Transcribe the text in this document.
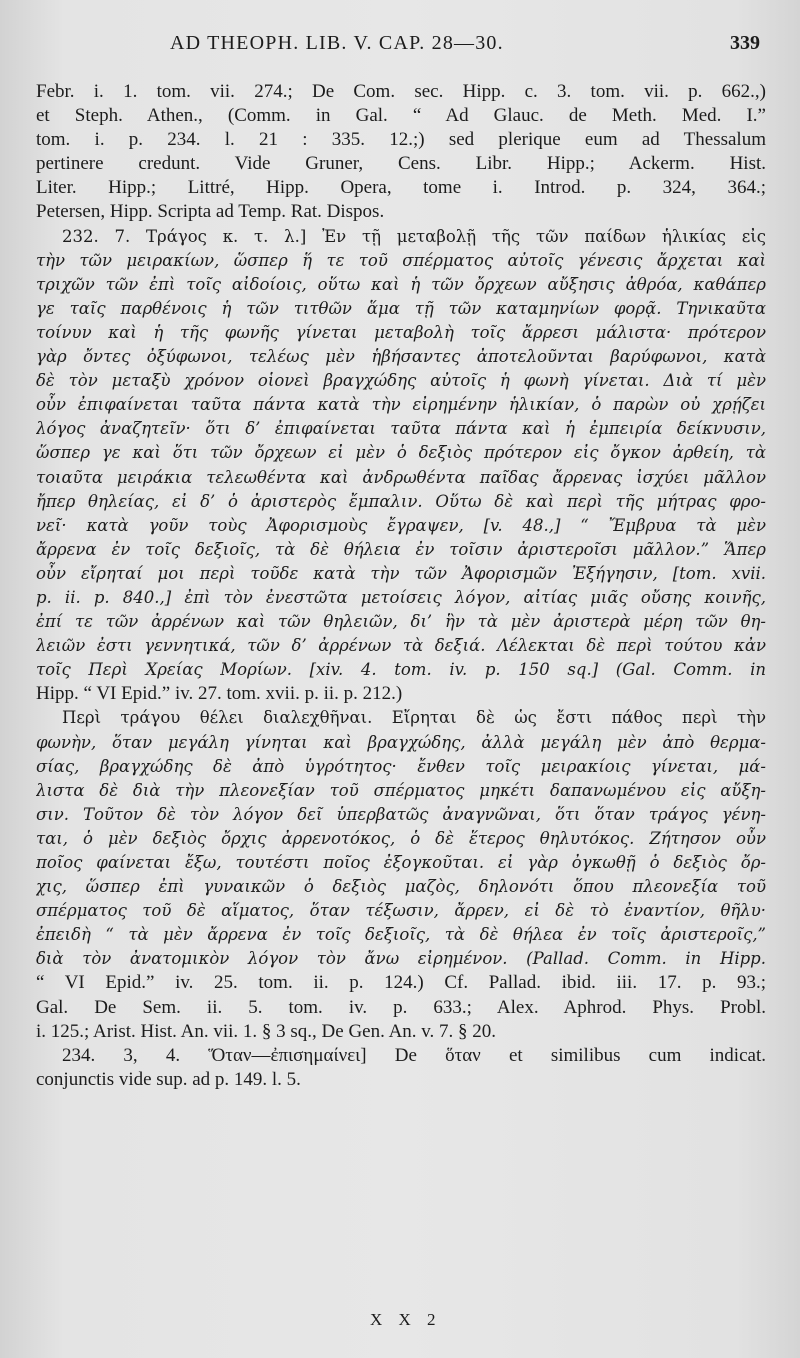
AD THEOPH. LIB. V. CAP. 28—30.	339
Febr. i. 1. tom. vii. 274.; De Com. sec. Hipp. c. 3. tom. vii. p. 662.,)
et Steph. Athen., (Comm. in Gal. “ Ad Glauc. de Meth. Med. I.”
tom. i. p. 234. l. 21 : 335. 12.;) sed plerique eum ad Thessalum
pertinere credunt. Vide Gruner, Cens. Libr. Hipp.; Ackerm. Hist.
Liter. Hipp.; Littré, Hipp. Opera, tome i. Introd. p. 324, 364.;
Petersen, Hipp. Scripta ad Temp. Rat. Dispos.
232. 7. Τράγος κ. τ. λ.] Ἐν τῇ μεταβολῇ τῆς τῶν παίδων ἡλικίας εἰς
τὴν τῶν μειρακίων, ὥσπερ ἥ τε τοῦ σπέρματος αὐτοῖς γένεσις ἄρχεται καὶ
τριχῶν τῶν ἐπὶ τοῖς αἰδοίοις, οὕτω καὶ ἡ τῶν ὄρχεων αὔξησις ἀθρόα, καθάπερ
γε ταῖς παρθένοις ἡ τῶν τιτθῶν ἅμα τῇ τῶν καταμηνίων φορᾷ. Τηνικαῦτα
τοίνυν καὶ ἡ τῆς φωνῆς γίνεται μεταβολὴ τοῖς ἄρρεσι μάλιστα· πρότερον
γὰρ ὄντες ὀξύφωνοι, τελέως μὲν ἡβήσαντες ἀποτελοῦνται βαρύφωνοι, κατὰ
δὲ τὸν μεταξὺ χρόνον οἱονεὶ βραγχώδης αὐτοῖς ἡ φωνὴ γίνεται. Διὰ τί μὲν
οὖν ἐπιφαίνεται ταῦτα πάντα κατὰ τὴν εἰρημένην ἡλικίαν, ὁ παρὼν οὐ χρῄζει
λόγος ἀναζητεῖν· ὅτι δ’ ἐπιφαίνεται ταῦτα πάντα καὶ ἡ ἐμπειρία δείκνυσιν,
ὥσπερ γε καὶ ὅτι τῶν ὄρχεων εἰ μὲν ὁ δεξιὸς πρότερον εἰς ὄγκον ἀρθείη, τὰ
τοιαῦτα μειράκια τελεωθέντα καὶ ἀνδρωθέντα παῖδας ἄρρενας ἰσχύει μᾶλλον
ἤπερ θηλείας, εἰ δ’ ὁ ἀριστερὸς ἔμπαλιν. Οὕτω δὲ καὶ περὶ τῆς μήτρας φρο-
νεῖ· κατὰ γοῦν τοὺς Ἀφορισμοὺς ἔγραψεν, [v. 48.,] “ Ἔμβρυα τὰ μὲν
ἄρρενα ἐν τοῖς δεξιοῖς, τὰ δὲ θήλεια ἐν τοῖσιν ἀριστεροῖσι μᾶλλον.” Ἅπερ
οὖν εἴρηταί μοι περὶ τοῦδε κατὰ τὴν τῶν Ἀφορισμῶν Ἐξήγησιν, [tom. xvii.
p. ii. p. 840.,] ἐπὶ τὸν ἐνεστῶτα μετοίσεις λόγον, αἰτίας μιᾶς οὔσης κοινῆς,
ἐπί τε τῶν ἀρρένων καὶ τῶν θηλειῶν, δι’ ἣν τὰ μὲν ἀριστερὰ μέρη τῶν θη-
λειῶν ἐστι γεννητικά, τῶν δ’ ἀρρένων τὰ δεξιά. Λέλεκται δὲ περὶ τούτου κἀν
τοῖς Περὶ Χρείας Μορίων. [xiv. 4. tom. iv. p. 150 sq.] (Gal. Comm. in
Hipp. “ VI Epid.” iv. 27. tom. xvii. p. ii. p. 212.)
Περὶ τράγου θέλει διαλεχθῆναι. Εἴρηται δὲ ὡς ἔστι πάθος περὶ τὴν
φωνὴν, ὅταν μεγάλη γίνηται καὶ βραγχώδης, ἀλλὰ μεγάλη μὲν ἀπὸ θερμα-
σίας, βραγχώδης δὲ ἀπὸ ὑγρότητος· ἔνθεν τοῖς μειρακίοις γίνεται, μά-
λιστα δὲ διὰ τὴν πλεονεξίαν τοῦ σπέρματος μηκέτι δαπανωμένου εἰς αὔξη-
σιν. Τοῦτον δὲ τὸν λόγον δεῖ ὑπερβατῶς ἀναγνῶναι, ὅτι ὅταν τράγος γένη-
ται, ὁ μὲν δεξιὸς ὄρχις ἀρρενοτόκος, ὁ δὲ ἕτερος θηλυτόκος. Ζήτησον οὖν
ποῖος φαίνεται ἔξω, τουτέστι ποῖος ἐξογκοῦται. εἰ γὰρ ὀγκωθῇ ὁ δεξιὸς ὄρ-
χις, ὥσπερ ἐπὶ γυναικῶν ὁ δεξιὸς μαζὸς, δηλονότι ὅπου πλεονεξία τοῦ
σπέρματος τοῦ δὲ αἵματος, ὅταν τέξωσιν, ἄρρεν, εἰ δὲ τὸ ἐναντίον, θῆλυ·
ἐπειδὴ “ τὰ μὲν ἄρρενα ἐν τοῖς δεξιοῖς, τὰ δὲ θήλεα ἐν τοῖς ἀριστεροῖς,”
διὰ τὸν ἀνατομικὸν λόγον τὸν ἄνω εἰρημένον. (Pallad. Comm. in Hipp.
“ VI Epid.” iv. 25. tom. ii. p. 124.) Cf. Pallad. ibid. iii. 17. p. 93.;
Gal. De Sem. ii. 5. tom. iv. p. 633.; Alex. Aphrod. Phys. Probl.
i. 125.; Arist. Hist. An. vii. 1. § 3 sq., De Gen. An. v. 7. § 20.
234. 3, 4. Ὅταν—ἐπισημαίνει] De ὅταν et similibus cum indicat.
conjunctis vide sup. ad p. 149. l. 5.
X X 2
